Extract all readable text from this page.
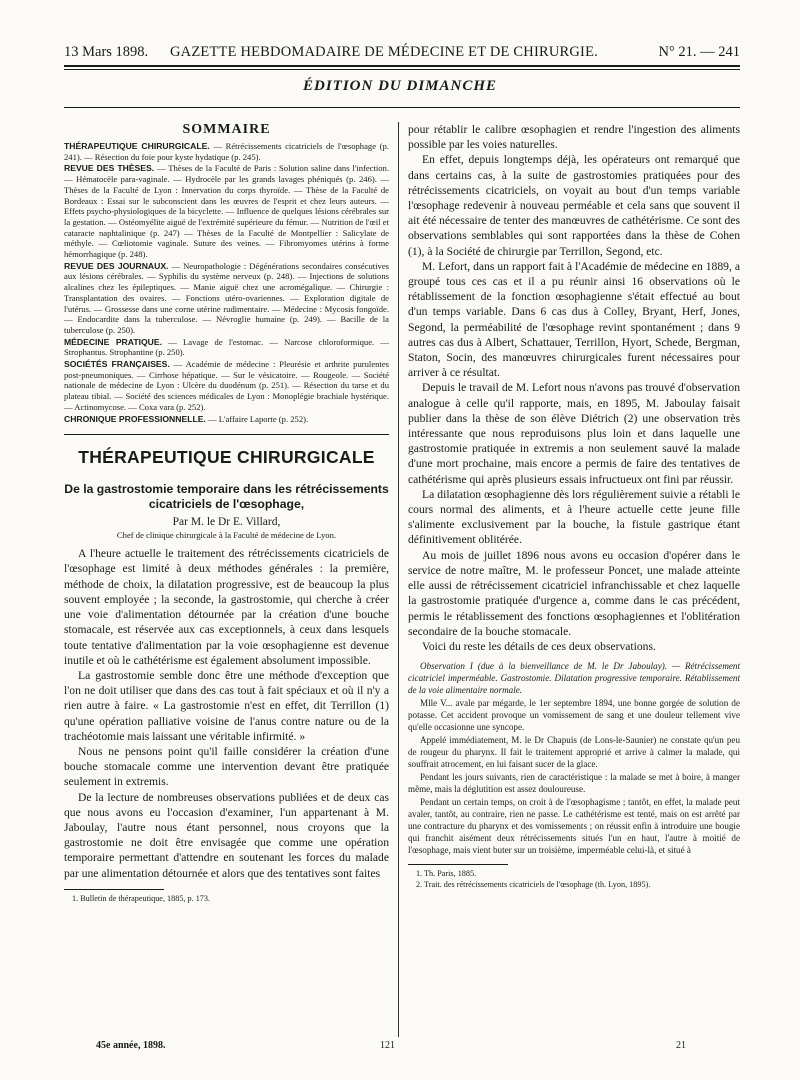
13 Mars 1898.	GAZETTE HEBDOMADAIRE DE MÉDECINE ET DE CHIRURGIE.	N° 21. — 241
ÉDITION DU DIMANCHE
SOMMAIRE

THÉRAPEUTIQUE CHIRURGICALE. — Rétrécissements cicatriciels de l'œsophage (p. 241). — Résection du foie pour kyste hydatique (p. 245).

REVUE DES THÈSES. — Thèses de la Faculté de Paris : Solution saline dans l'infection. — Hématocèle para-vaginale. — Hydrocèle par les grands lavages phéniqués (p. 246). — Thèses de la Faculté de Lyon : Innervation du corps thyroïde. — Thèse de la Faculté de Bordeaux : Essai sur le subconscient dans les œuvres de l'esprit et chez leurs auteurs. — Effets psycho-physiologiques de la bicyclette. — Influence de quelques lésions cérébrales sur la gestation. — Ostéomyélite aiguë de l'extrémité supérieure du fémur. — Nutrition de l'œil et cataracte naphtalinique (p. 247) — Thèses de la Faculté de Montpellier : Salicylate de méthyle. — Cœliotomie vaginale. Suture des veines. — Fibromyomes utérins à forme hémorrhagique (p. 248).

REVUE DES JOURNAUX. — Neuropathologie : Dégénérations secondaires consécutives aux lésions cérébrales. — Syphilis du système nerveux (p. 248). — Injections de solutions alcalines chez les épileptiques. — Manie aiguë chez une acromégalique. — Chirurgie : Transplantation des ovaires. — Fonctions utéro-ovariennes. — Exploration digitale de l'utérus. — Grossesse dans une corne utérine rudimentaire. — Médecine : Mycosis fongoïde. — Endocardite dans la tuberculose. — Névroglie humaine (p. 249). — Bacille de la tuberculose (p. 250).

MÉDECINE PRATIQUE. — Lavage de l'estomac. — Narcose chloroformique. — Strophantus. Strophantine (p. 250).

SOCIÉTÉS FRANÇAISES. — Académie de médecine : Pleurésie et arthrite purulentes post-pneumoniques. — Cirrhose hépatique. — Sur le vésicatoire. — Rougeole. — Société nationale de médecine de Lyon : Ulcère du duodénum (p. 251). — Résection du tarse et du plateau tibial. — Société des sciences médicales de Lyon : Monoplégie brachiale hystérique. — Actinomycose. — Coxa vara (p. 252).

CHRONIQUE PROFESSIONNELLE. — L'affaire Laporte (p. 252).

THÉRAPEUTIQUE CHIRURGICALE
De la gastrostomie temporaire dans les rétrécissements cicatriciels de l'œsophage,
Par M. le Dr E. Villard,
Chef de clinique chirurgicale à la Faculté de médecine de Lyon.

A l'heure actuelle le traitement des rétrécissements cicatriciels de l'œsophage est limité à deux méthodes générales : la première, méthode de choix, la dilatation progressive, est de beaucoup la plus souvent employée ; la seconde, la gastrostomie, qui cherche à créer une voie d'alimentation détournée par la création d'une bouche stomacale, est réservée aux cas exceptionnels, à ceux dans lesquels toute tentative d'alimentation par la voie œsophagienne est devenue inutile et où le cathétérisme est également absolument impossible.

La gastrostomie semble donc être une méthode d'exception que l'on ne doit utiliser que dans des cas tout à fait spéciaux et où il n'y a rien autre à faire. « La gastrostomie n'est en effet, dit Terrillon (1) qu'une opération palliative voisine de l'anus contre nature ou de la trachéotomie mais laissant une véritable infirmité. »

Nous ne pensons point qu'il faille considérer la création d'une bouche stomacale comme une intervention devant être pratiquée seulement in extremis.

De la lecture de nombreuses observations publiées et de deux cas que nous avons eu l'occasion d'examiner, l'un appartenant à M. Jaboulay, l'autre nous étant personnel, nous croyons que la gastrostomie ne doit être envisagée que comme une opération temporaire permettant d'attendre en soutenant les forces du malade par une alimentation détournée et alors que des tentatives sont faites

1. Bulletin de thérapeutique, 1885, p. 173.

pour rétablir le calibre œsophagien et rendre l'ingestion des aliments possible par les voies naturelles.

En effet, depuis longtemps déjà, les opérateurs ont remarqué que dans certains cas, à la suite de gastrostomies pratiquées pour des rétrécissements cicatriciels, on voyait au bout d'un temps variable l'œsophage redevenir à nouveau perméable et cela sans que souvent il ait été nécessaire de tenter des manœuvres de cathétérisme. Ce sont des observations semblables qui sont rapportées dans la thèse de Cohen (1), à la Société de chirurgie par Terrillon, Segond, etc.

M. Lefort, dans un rapport fait à l'Académie de médecine en 1889, a groupé tous ces cas et il a pu réunir ainsi 16 observations où le rétablissement de la fonction œsophagienne s'était effectué au bout d'un temps variable. Dans 6 cas dus à Colley, Bryant, Herf, Jones, Segond, la perméabilité de l'œsophage revint spontanément ; dans 9 autres cas dus à Albert, Schattauer, Terrillon, Hyort, Schede, Bergman, Staton, Socin, des manœuvres chirurgicales furent nécessaires pour arriver à ce résultat.

Depuis le travail de M. Lefort nous n'avons pas trouvé d'observation analogue à celle qu'il rapporte, mais, en 1895, M. Jaboulay faisait publier dans la thèse de son élève Diétrich (2) une observation très intéressante que nous reproduisons plus loin et dans laquelle une gastrostomie pratiquée in extremis a non seulement sauvé la malade d'une mort prochaine, mais encore a permis de faire des tentatives de cathétérisme qui après plusieurs essais infructueux ont fini par réussir.

La dilatation œsophagienne dès lors régulièrement suivie a rétabli le cours normal des aliments, et à l'heure actuelle cette jeune fille s'alimente exclusivement par la bouche, la fistule gastrique étant définitivement oblitérée.

Au mois de juillet 1896 nous avons eu occasion d'opérer dans le service de notre maître, M. le professeur Poncet, une malade atteinte elle aussi de rétrécissement cicatriciel infranchissable et chez laquelle la gastrostomie pratiquée d'urgence a, comme dans le cas précédent, permis le rétablissement des fonctions œsophagiennes et l'oblitération secondaire de la bouche stomacale.

Voici du reste les détails de ces deux observations.

Observation I (due à la bienveillance de M. le Dr Jaboulay). — Rétrécissement cicatriciel imperméable. Gastrostomie. Dilatation progressive temporaire. Rétablissement de la voie alimentaire normale.

Mlle V... avale par mégarde, le 1er septembre 1894, une bonne gorgée de solution de potasse. Cet accident provoque un vomissement de sang et une douleur tellement vive qu'elle occasionne une syncope.

Appelé immédiatement, M. le Dr Chapuis (de Lons-le-Saunier) ne constate qu'un peu de rougeur du pharynx. Il fait le traitement approprié et arrive à calmer la malade, qui souffrait atrocement, en lui faisant sucer de la glace.

Pendant les jours suivants, rien de caractéristique : la malade se met à boire, à manger même, mais la déglutition est assez douloureuse.

Pendant un certain temps, on croit à de l'œsophagisme ; tantôt, en effet, la malade peut avaler, tantôt, au contraire, rien ne passe. Le cathétérisme est tenté, mais on est arrêté par une contracture du pharynx et des vomissements ; on réussit enfin à introduire une bougie qui franchit aisément deux rétrécissements situés l'un en haut, l'autre à moitié de l'œsophage, mais vient buter sur un troisième, imperméable celui-là, et situé à

1. Th. Paris, 1885.

2. Trait. des rétrécissements cicatriciels de l'œsophage (th. Lyon, 1895).

45e année, 1898.	121	21
